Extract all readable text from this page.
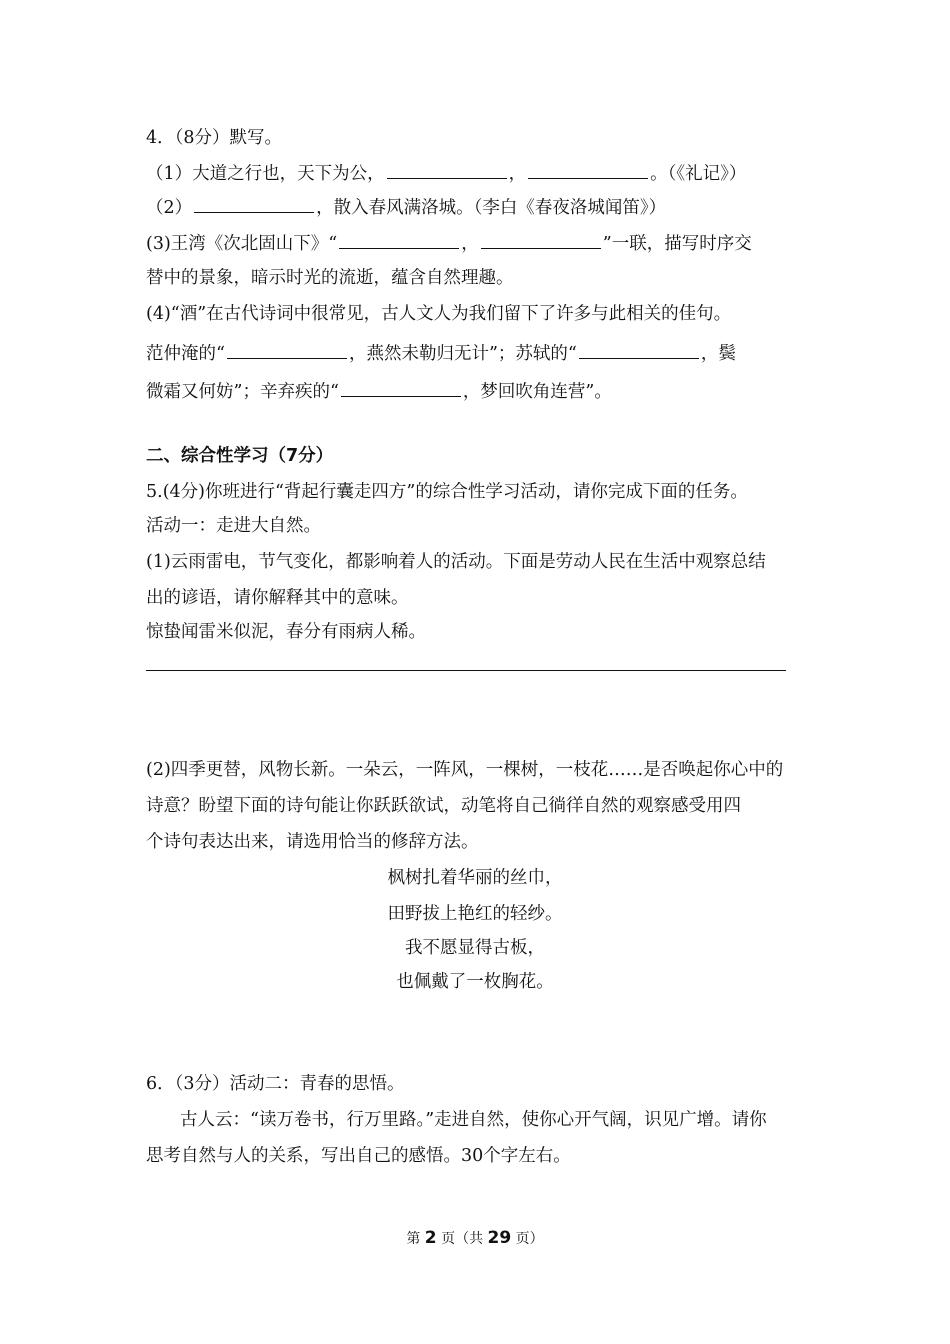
4．（8分）默写。
（1）大道之行也，天下为公，	，	。（《礼记》）
（2）	，散入春风满洛城。（李白《春夜洛城闻笛》）
(3)王湾《次北固山下》“	，	”一联，描写时序交
替中的景象，暗示时光的流逝，蕴含自然理趣。
(4)“酒”在古代诗词中很常见，古人文人为我们留下了许多与此相关的佳句。
范仲淹的“	，燕然未勒归无计”；苏轼的“	，鬓
微霜又何妨”；辛弃疾的“	，梦回吹角连营”。
二、综合性学习（7分）
5.(4分)你班进行“背起行囊走四方”的综合性学习活动，请你完成下面的任务。
活动一：走进大自然。
(1)云雨雷电，节气变化，都影响着人的活动。下面是劳动人民在生活中观察总结
出的谚语，请你解释其中的意味。
惊蛰闻雷米似泥，春分有雨病人稀。
(2)四季更替，风物长新。一朵云，一阵风，一棵树，一枝花……是否唤起你心中的
诗意？盼望下面的诗句能让你跃跃欲试，动笔将自己徜徉自然的观察感受用四
个诗句表达出来，请选用恰当的修辞方法。
枫树扎着华丽的丝巾，
田野拔上艳红的轻纱。
我不愿显得古板，
也佩戴了一枚胸花。
6．（3分）活动二：青春的思悟。
古人云：“读万卷书，行万里路。”走进自然，使你心开气阔，识见广增。请你
思考自然与人的关系，写出自己的感悟。30个字左右。
第 2 页（共 29 页）
